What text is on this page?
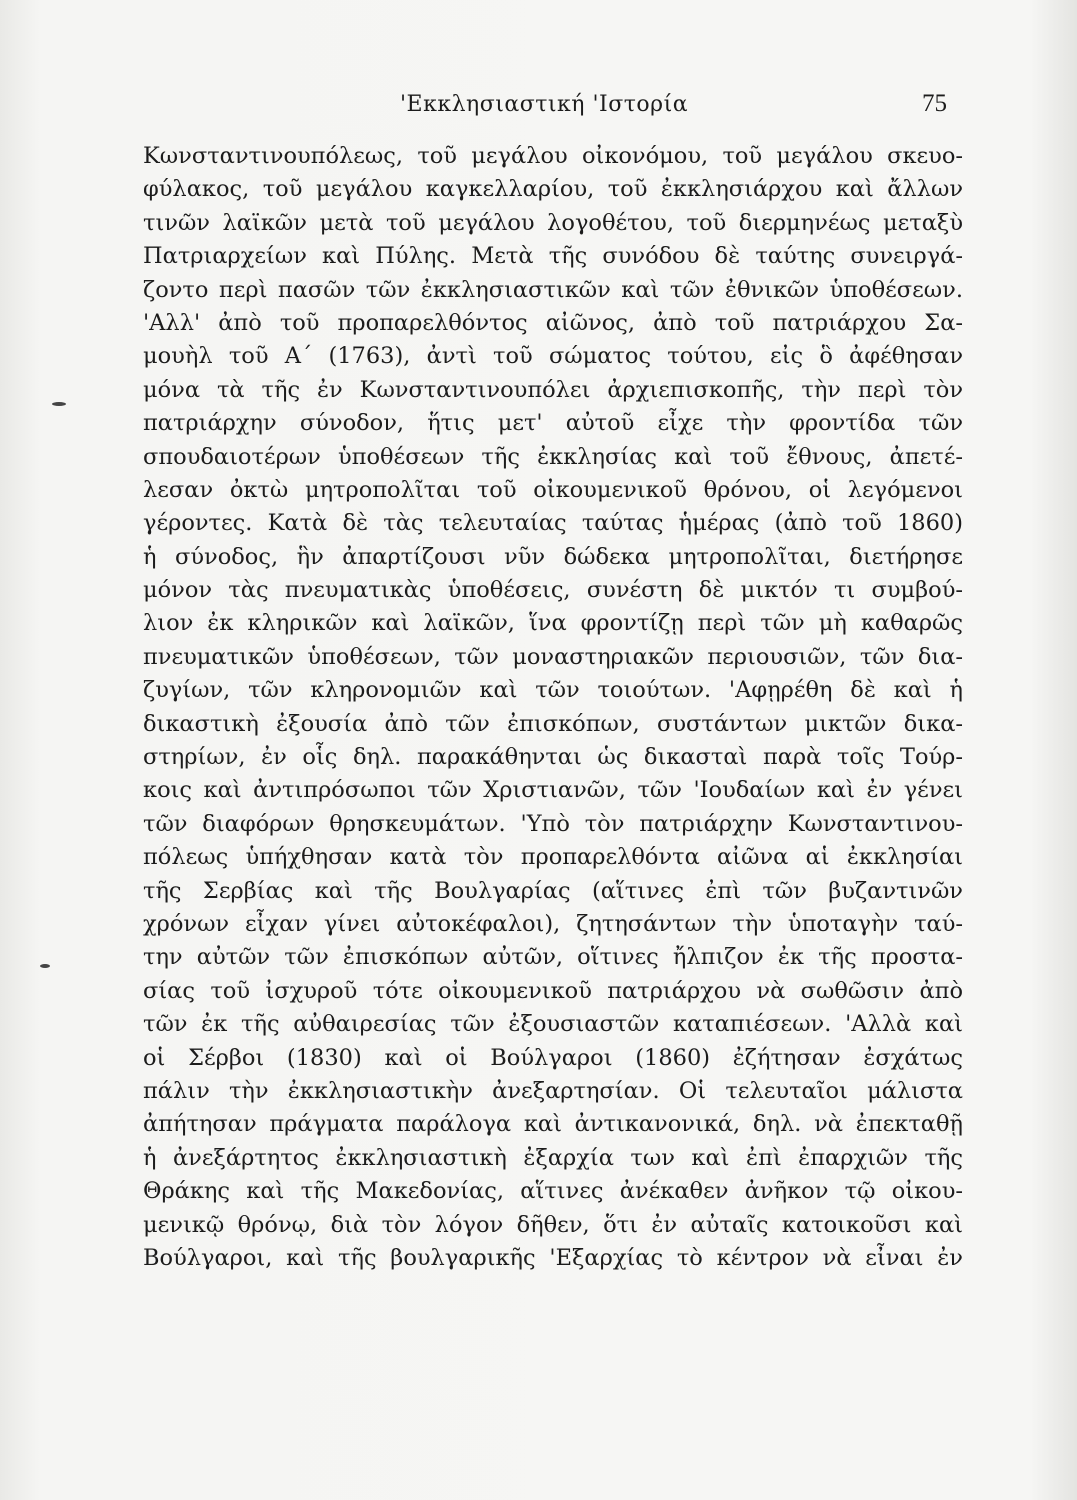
'Εκκλησιαστική 'Ιστορία	75
Κωνσταντινουπόλεως, τοῦ μεγάλου οἰκονόμου, τοῦ μεγάλου σκευο-
φύλακος, τοῦ μεγάλου καγκελλαρίου, τοῦ ἐκκλησιάρχου καὶ ἄλλων
τινῶν λαϊκῶν μετὰ τοῦ μεγάλου λογοθέτου, τοῦ διερμηνέως μεταξὺ
Πατριαρχείων καὶ Πύλης. Μετὰ τῆς συνόδου δὲ ταύτης συνειργά-
ζοντο περὶ πασῶν τῶν ἐκκλησιαστικῶν καὶ τῶν ἐθνικῶν ὑποθέσεων.
'Αλλ' ἀπὸ τοῦ προπαρελθόντος αἰῶνος, ἀπὸ τοῦ πατριάρχου Σα-
μουὴλ τοῦ Α΄ (1763), ἀντὶ τοῦ σώματος τούτου, εἰς ὃ ἀφέθησαν
μόνα τὰ τῆς ἐν Κωνσταντινουπόλει ἀρχιεπισκοπῆς, τὴν περὶ τὸν
πατριάρχην σύνοδον, ἥτις μετ' αὐτοῦ εἶχε τὴν φροντίδα τῶν
σπουδαιοτέρων ὑποθέσεων τῆς ἐκκλησίας καὶ τοῦ ἔθνους, ἀπετέ-
λεσαν ὀκτὼ μητροπολῖται τοῦ οἰκουμενικοῦ θρόνου, οἱ λεγόμενοι
γέροντες. Κατὰ δὲ τὰς τελευταίας ταύτας ἡμέρας (ἀπὸ τοῦ 1860)
ἡ σύνοδος, ἣν ἀπαρτίζουσι νῦν δώδεκα μητροπολῖται, διετήρησε
μόνον τὰς πνευματικὰς ὑποθέσεις, συνέστη δὲ μικτόν τι συμβού-
λιον ἐκ κληρικῶν καὶ λαϊκῶν, ἵνα φροντίζῃ περὶ τῶν μὴ καθαρῶς
πνευματικῶν ὑποθέσεων, τῶν μοναστηριακῶν περιουσιῶν, τῶν δια-
ζυγίων, τῶν κληρονομιῶν καὶ τῶν τοιούτων. 'Αφῃρέθη δὲ καὶ ἡ
δικαστικὴ ἐξουσία ἀπὸ τῶν ἐπισκόπων, συστάντων μικτῶν δικα-
στηρίων, ἐν οἷς δηλ. παρακάθηνται ὡς δικασταὶ παρὰ τοῖς Τούρ-
κοις καὶ ἀντιπρόσωποι τῶν Χριστιανῶν, τῶν 'Ιουδαίων καὶ ἐν γένει
τῶν διαφόρων θρησκευμάτων. 'Υπὸ τὸν πατριάρχην Κωνσταντινου-
πόλεως ὑπήχθησαν κατὰ τὸν προπαρελθόντα αἰῶνα αἱ ἐκκλησίαι
τῆς Σερβίας καὶ τῆς Βουλγαρίας (αἵτινες ἐπὶ τῶν βυζαντινῶν
χρόνων εἶχαν γίνει αὐτοκέφαλοι), ζητησάντων τὴν ὑποταγὴν ταύ-
την αὐτῶν τῶν ἐπισκόπων αὐτῶν, οἵτινες ἤλπιζον ἐκ τῆς προστα-
σίας τοῦ ἰσχυροῦ τότε οἰκουμενικοῦ πατριάρχου νὰ σωθῶσιν ἀπὸ
τῶν ἐκ τῆς αὐθαιρεσίας τῶν ἐξουσιαστῶν καταπιέσεων. 'Αλλὰ καὶ
οἱ Σέρβοι (1830) καὶ οἱ Βούλγαροι (1860) ἐζήτησαν ἐσχάτως
πάλιν τὴν ἐκκλησιαστικὴν ἀνεξαρτησίαν. Οἱ τελευταῖοι μάλιστα
ἀπήτησαν πράγματα παράλογα καὶ ἀντικανονικά, δηλ. νὰ ἐπεκταθῇ
ἡ ἀνεξάρτητος ἐκκλησιαστικὴ ἐξαρχία των καὶ ἐπὶ ἐπαρχιῶν τῆς
Θράκης καὶ τῆς Μακεδονίας, αἵτινες ἀνέκαθεν ἀνῆκον τῷ οἰκου-
μενικῷ θρόνῳ, διὰ τὸν λόγον δῆθεν, ὅτι ἐν αὐταῖς κατοικοῦσι καὶ
Βούλγαροι, καὶ τῆς βουλγαρικῆς 'Εξαρχίας τὸ κέντρον νὰ εἶναι ἐν
